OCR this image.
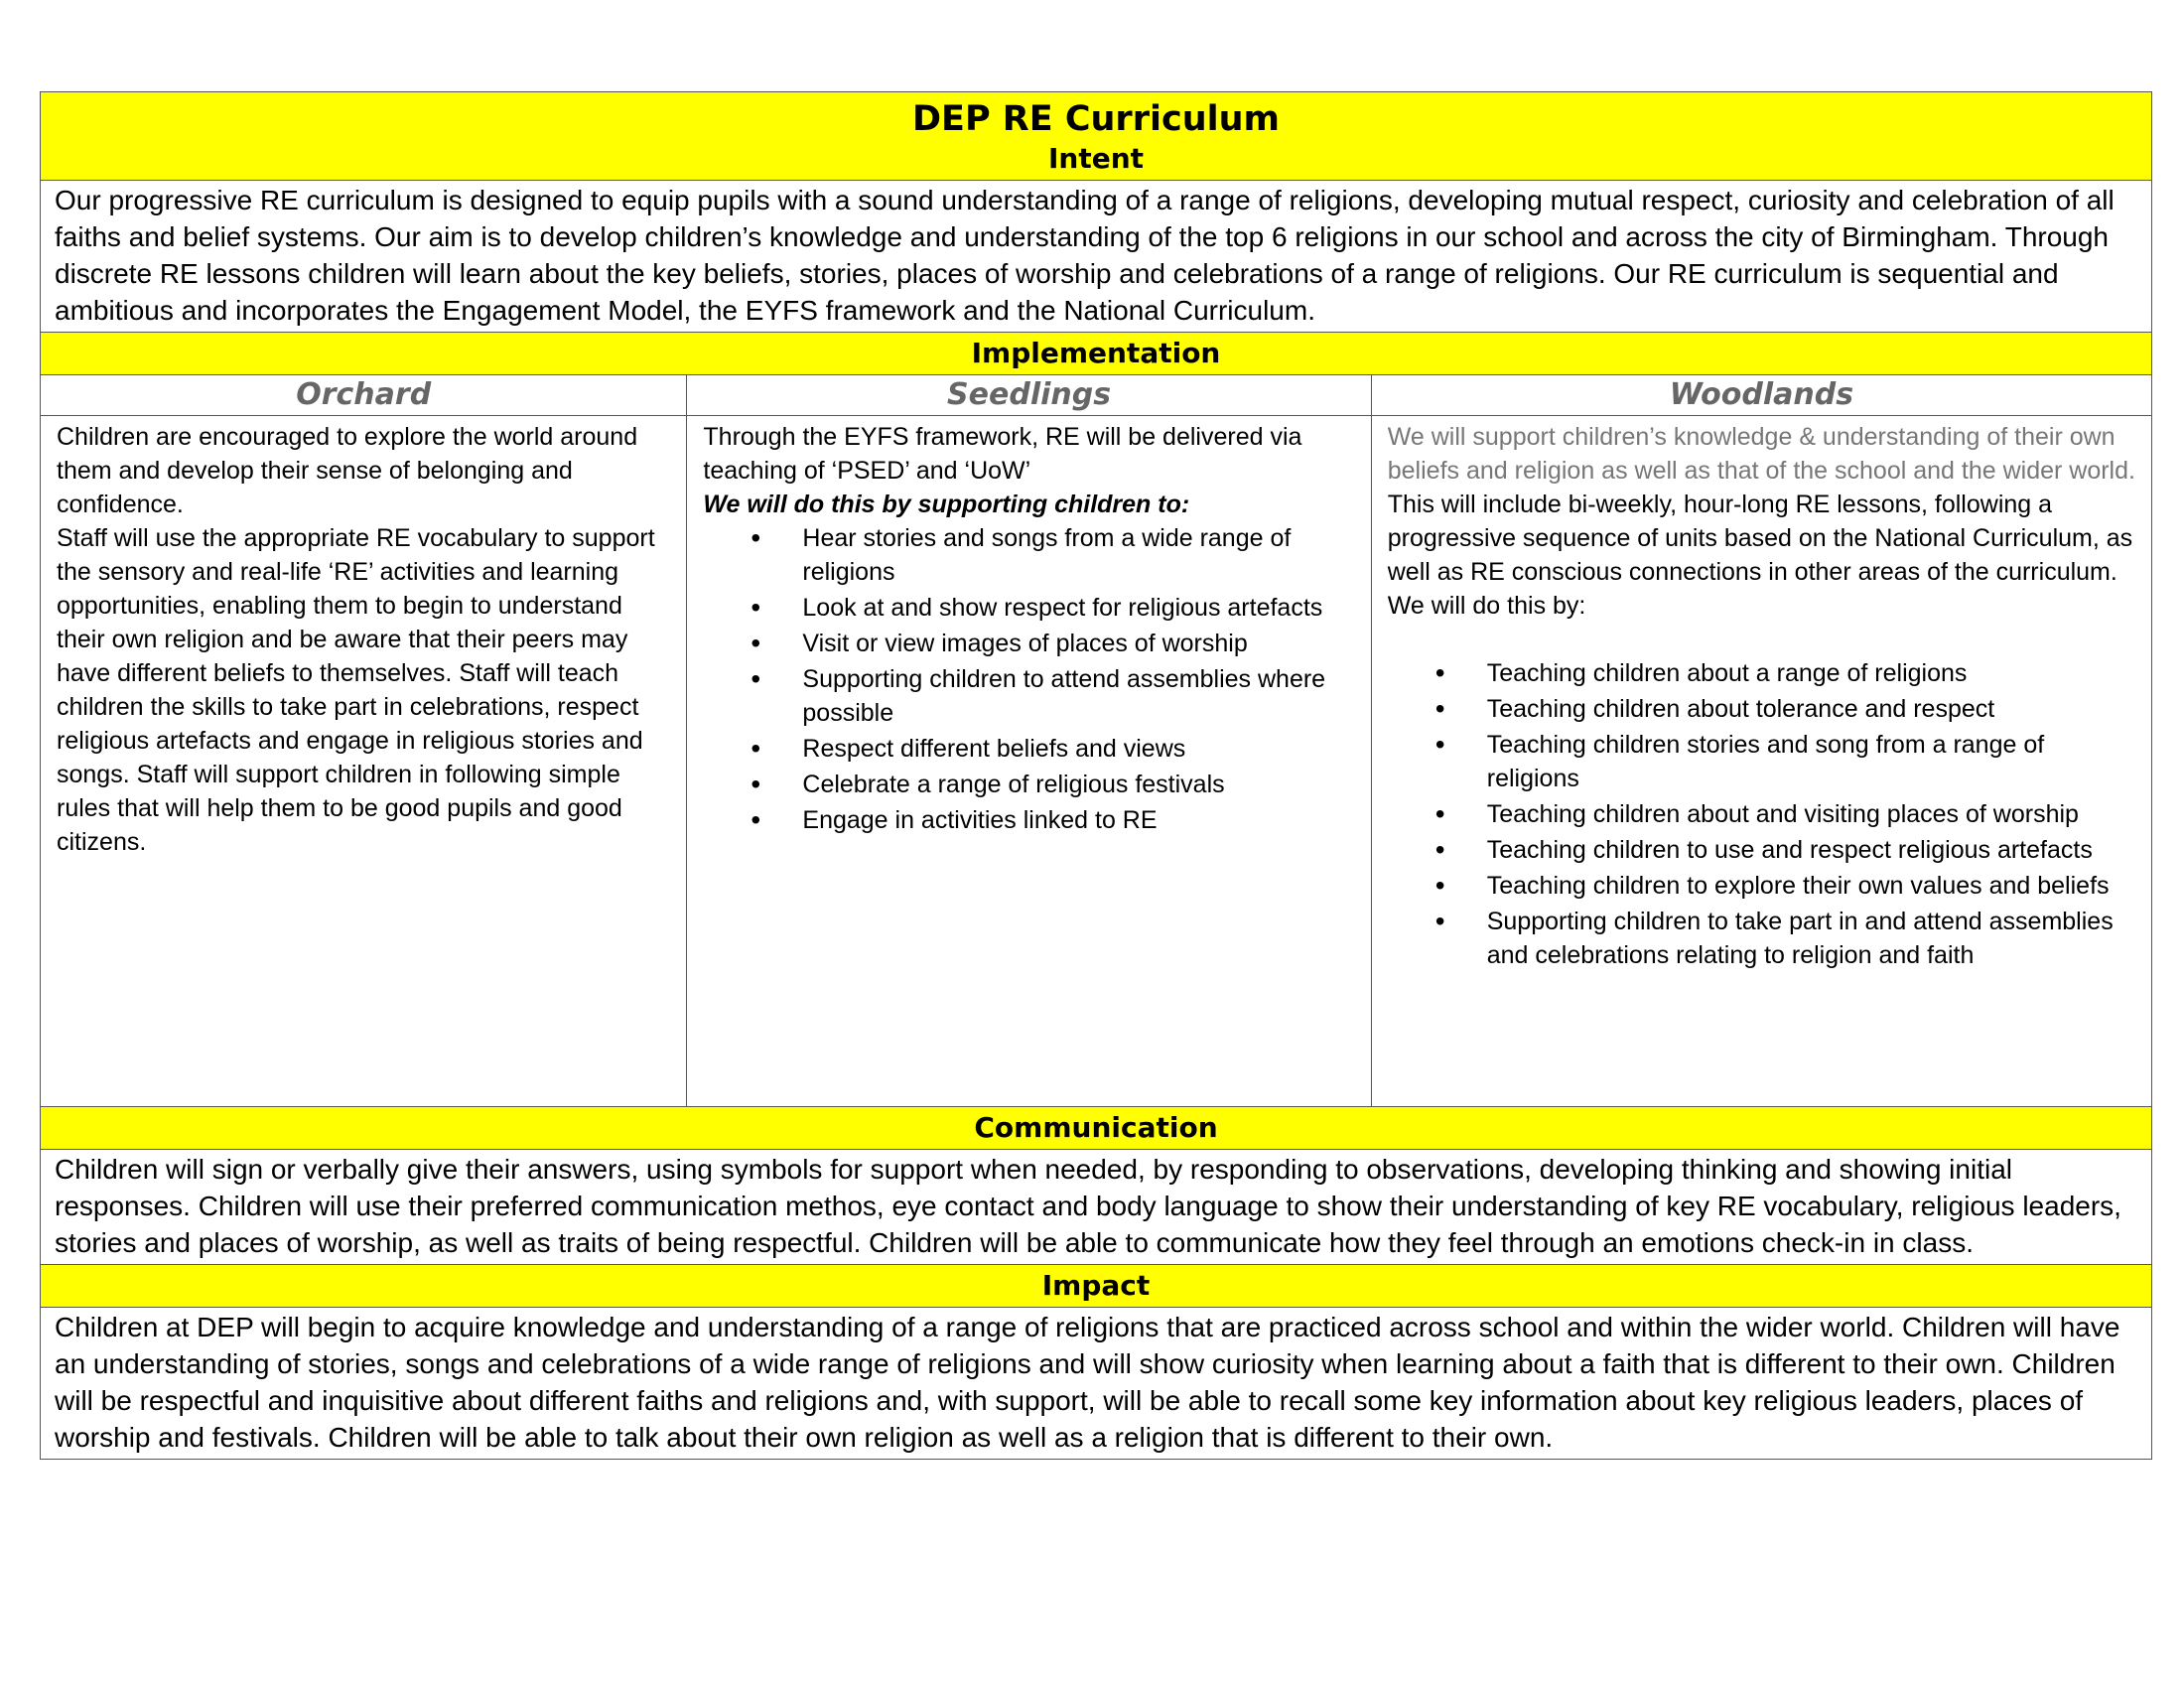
DEP RE Curriculum
Intent
Our progressive RE curriculum is designed to equip pupils with a sound understanding of a range of religions, developing mutual respect, curiosity and celebration of all faiths and belief systems. Our aim is to develop children’s knowledge and understanding of the top 6 religions in our school and across the city of Birmingham. Through discrete RE lessons children will learn about the key beliefs, stories, places of worship and celebrations of a range of religions. Our RE curriculum is sequential and ambitious and incorporates the Engagement Model, the EYFS framework and the National Curriculum.
Implementation
Orchard

Children are encouraged to explore the world around them and develop their sense of belonging and confidence.

Staff will use the appropriate RE vocabulary to support the sensory and real-life ‘RE’ activities and learning opportunities, enabling them to begin to understand their own religion and be aware that their peers may have different beliefs to themselves. Staff will teach children the skills to take part in celebrations, respect religious artefacts and engage in religious stories and songs. Staff will support children in following simple rules that will help them to be good pupils and good citizens.

Seedlings

Through the EYFS framework, RE will be delivered via teaching of ‘PSED’ and ‘UoW’

We will do this by supporting children to:

• Hear stories and songs from a wide range of religions
• Look at and show respect for religious artefacts
• Visit or view images of places of worship
• Supporting children to attend assemblies where possible
• Respect different beliefs and views
• Celebrate a range of religious festivals
• Engage in activities linked to RE
Woodlands

We will support children’s knowledge & understanding of their own beliefs and religion as well as that of the school and the wider world. This will include bi-weekly, hour-long RE lessons, following a progressive sequence of units based on the National Curriculum, as well as RE conscious connections in other areas of the curriculum.

We will do this by:

• Teaching children about a range of religions
• Teaching children about tolerance and respect
• Teaching children stories and song from a range of religions
• Teaching children about and visiting places of worship
• Teaching children to use and respect religious artefacts
• Teaching children to explore their own values and beliefs
• Supporting children to take part in and attend assemblies and celebrations relating to religion and faith
Communication
Children will sign or verbally give their answers, using symbols for support when needed, by responding to observations, developing thinking and showing initial responses. Children will use their preferred communication methos, eye contact and body language to show their understanding of key RE vocabulary, religious leaders, stories and places of worship, as well as traits of being respectful. Children will be able to communicate how they feel through an emotions check-in in class.
Impact
Children at DEP will begin to acquire knowledge and understanding of a range of religions that are practiced across school and within the wider world. Children will have an understanding of stories, songs and celebrations of a wide range of religions and will show curiosity when learning about a faith that is different to their own. Children will be respectful and inquisitive about different faiths and religions and, with support, will be able to recall some key information about key religious leaders, places of worship and festivals. Children will be able to talk about their own religion as well as a religion that is different to their own.
